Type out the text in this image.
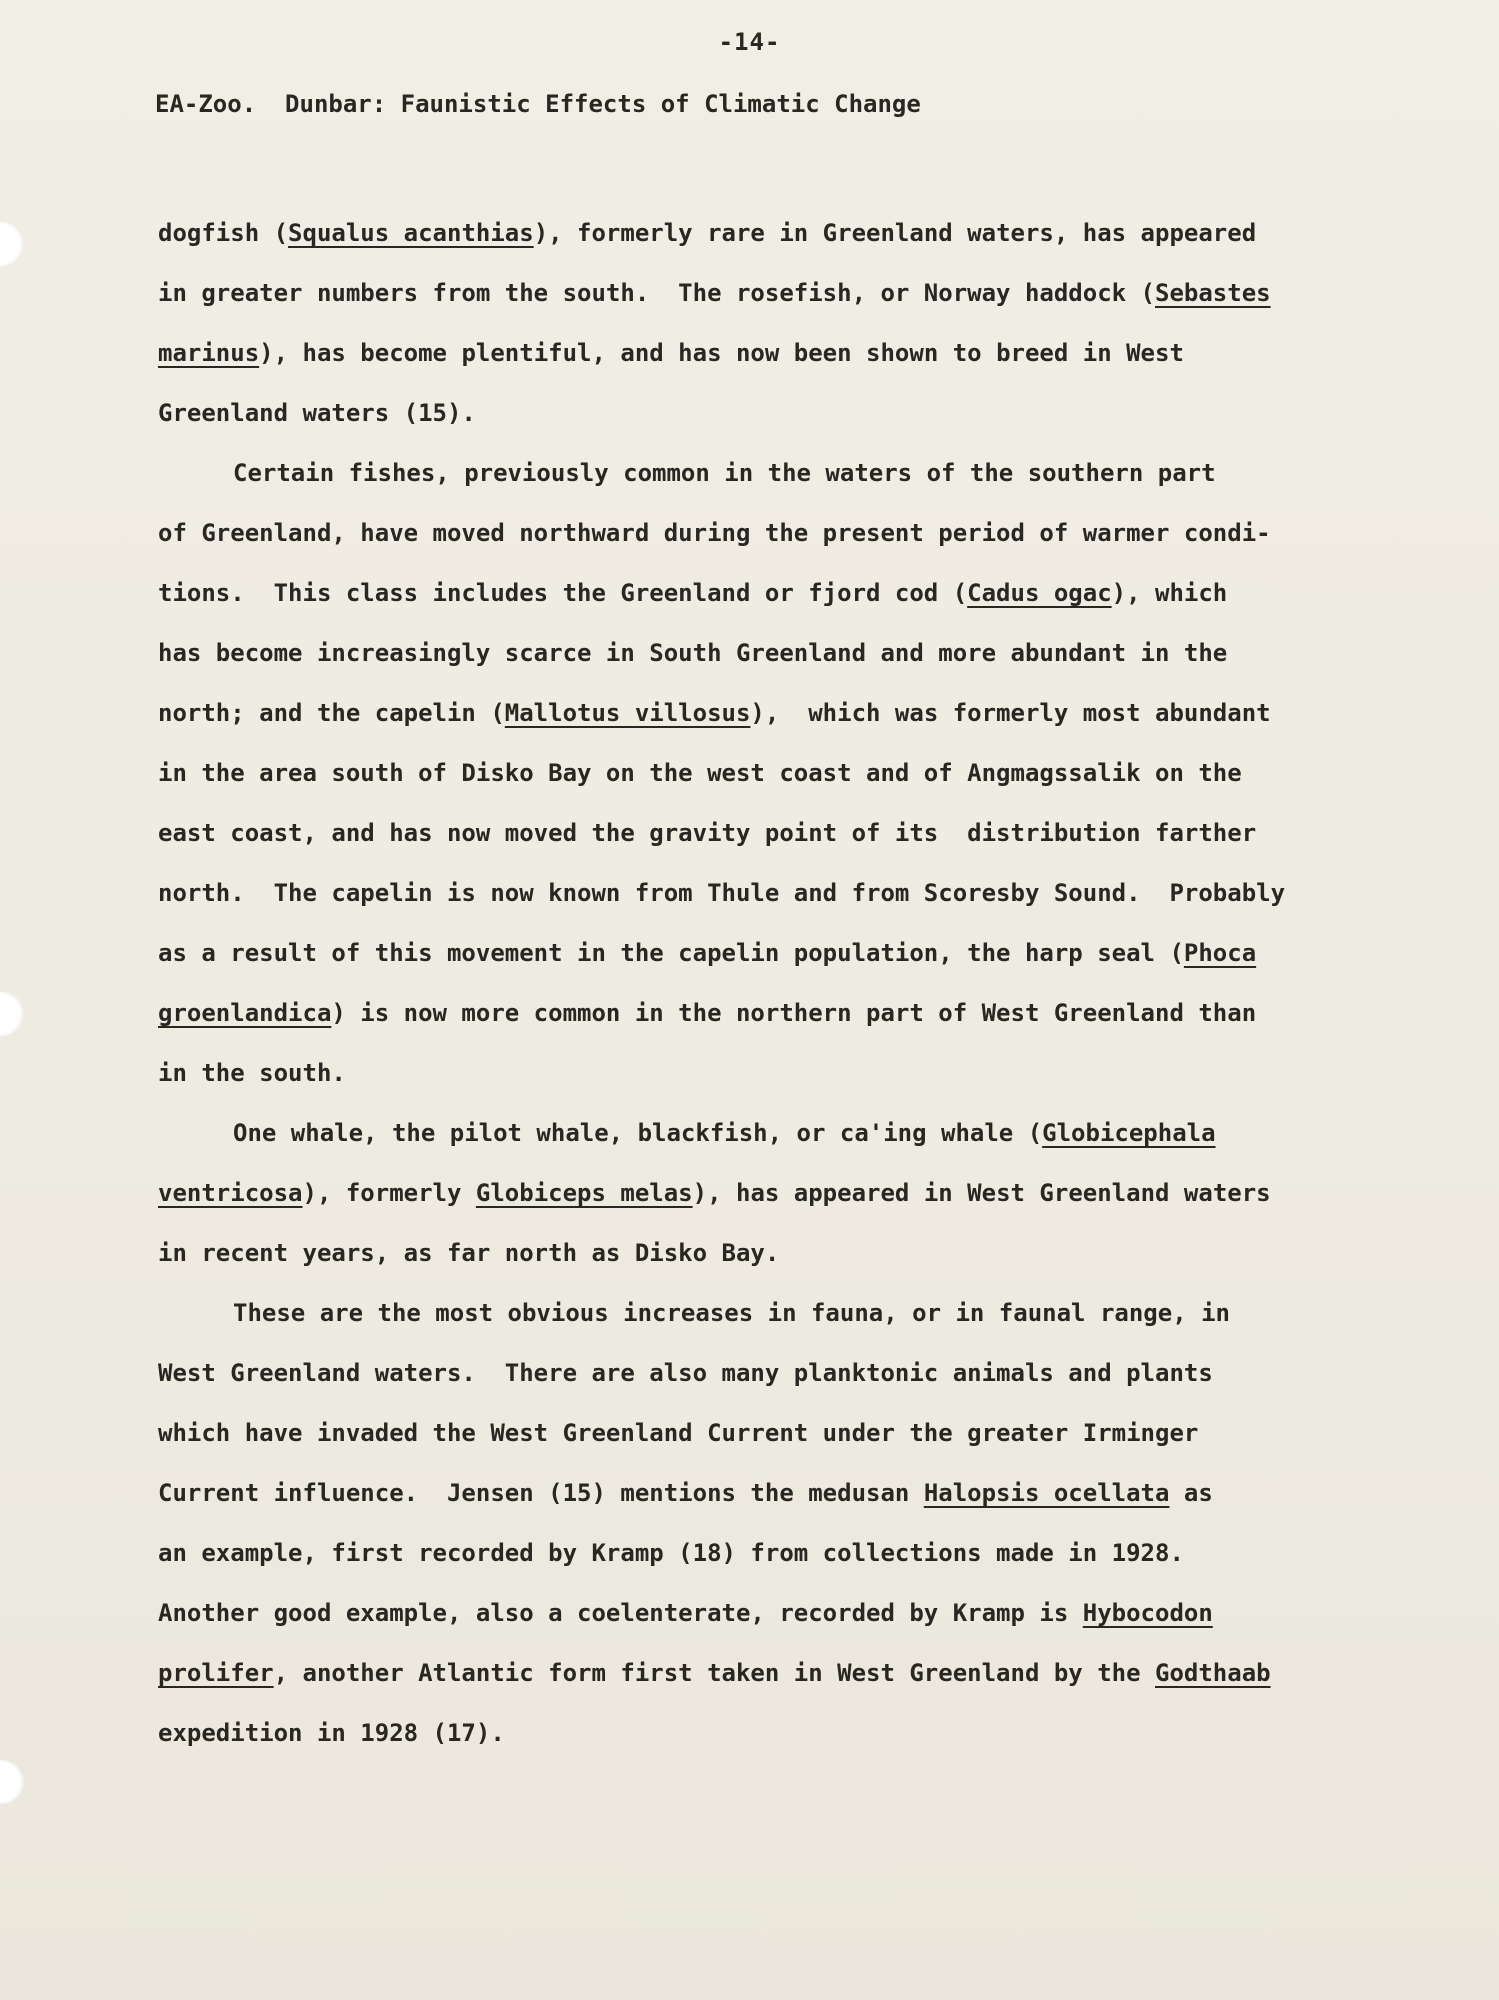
-14-
EA-Zoo.  Dunbar: Faunistic Effects of Climatic Change
dogfish (Squalus acanthias), formerly rare in Greenland waters, has appeared
in greater numbers from the south.  The rosefish, or Norway haddock (Sebastes
marinus), has become plentiful, and has now been shown to breed in West
Greenland waters (15).
Certain fishes, previously common in the waters of the southern part
of Greenland, have moved northward during the present period of warmer condi-
tions.  This class includes the Greenland or fjord cod (Cadus ogac), which
has become increasingly scarce in South Greenland and more abundant in the
north; and the capelin (Mallotus villosus),  which was formerly most abundant
in the area south of Disko Bay on the west coast and of Angmagssalik on the
east coast, and has now moved the gravity point of its  distribution farther
north.  The capelin is now known from Thule and from Scoresby Sound.  Probably
as a result of this movement in the capelin population, the harp seal (Phoca
groenlandica) is now more common in the northern part of West Greenland than
in the south.
One whale, the pilot whale, blackfish, or ca'ing whale (Globicephala
ventricosa), formerly Globiceps melas), has appeared in West Greenland waters
in recent years, as far north as Disko Bay.
These are the most obvious increases in fauna, or in faunal range, in
West Greenland waters.  There are also many planktonic animals and plants
which have invaded the West Greenland Current under the greater Irminger
Current influence.  Jensen (15) mentions the medusan Halopsis ocellata as
an example, first recorded by Kramp (18) from collections made in 1928.
Another good example, also a coelenterate, recorded by Kramp is Hybocodon
prolifer, another Atlantic form first taken in West Greenland by the Godthaab
expedition in 1928 (17).
